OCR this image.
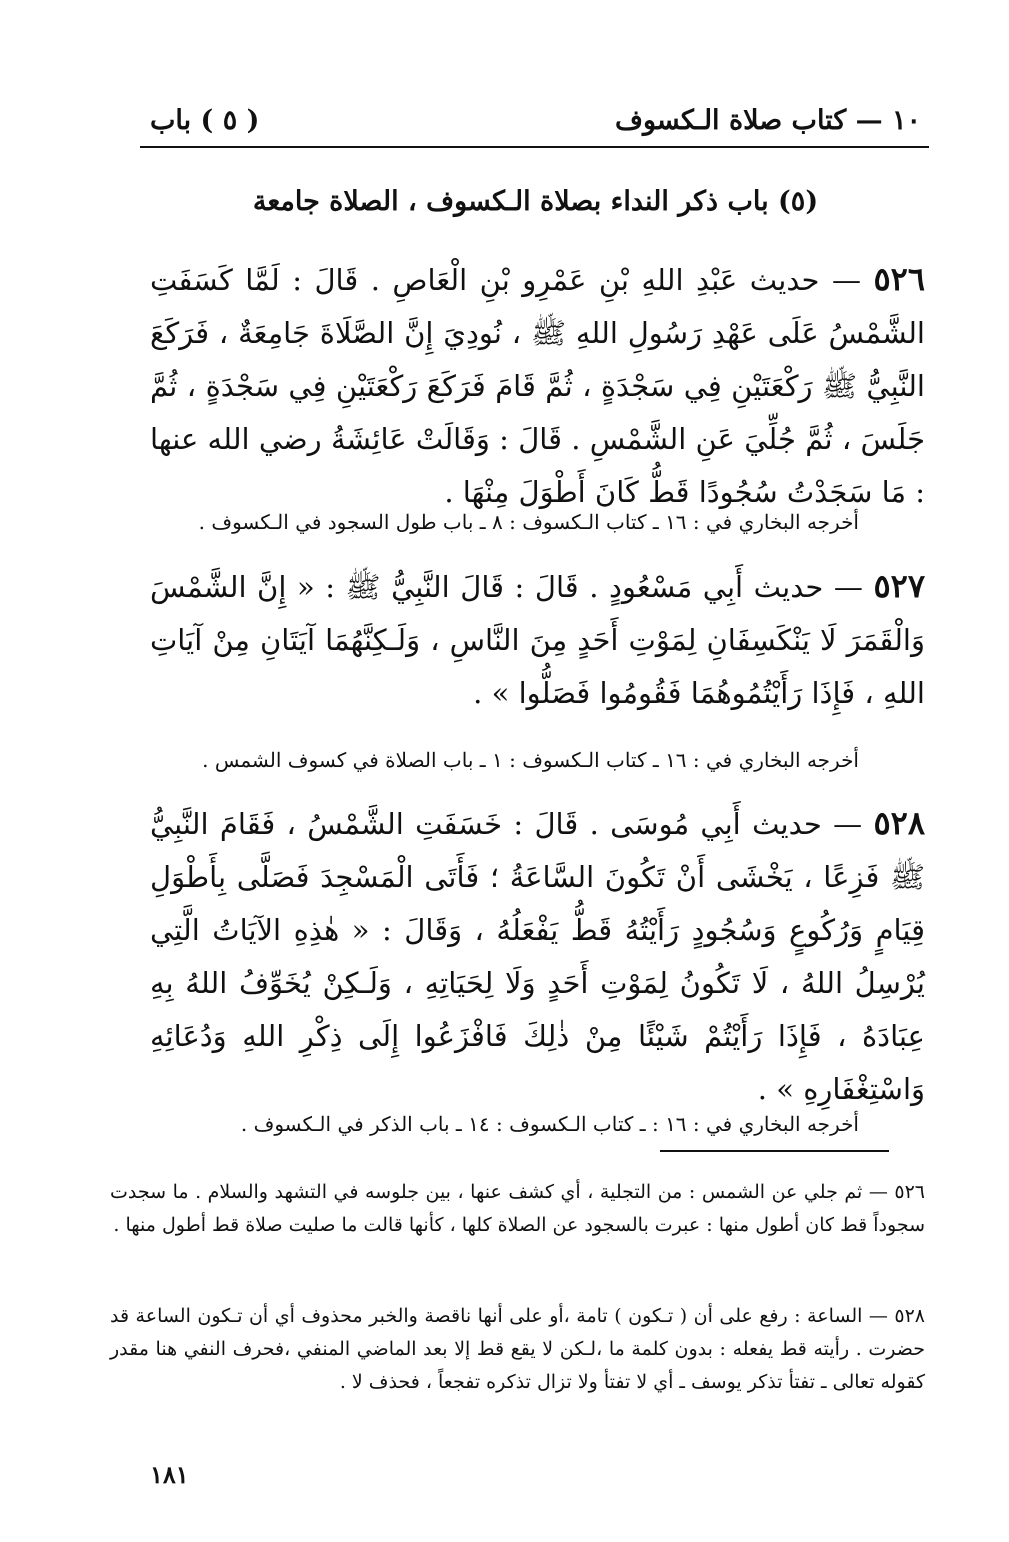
١٠ — كتاب صلاة الـكسوف
( ٥ ) باب
(٥) باب ذكر النداء بصلاة الـكسوف ، الصلاة جامعة
٥٢٦ — حديث عَبْدِ اللهِ بْنِ عَمْرِو بْنِ الْعَاصِ . قَالَ : لَمَّا كَسَفَتِ الشَّمْسُ عَلَى عَهْدِ رَسُولِ اللهِ ﷺ ، نُودِيَ إِنَّ الصَّلَاةَ جَامِعَةٌ ، فَرَكَعَ النَّبِيُّ ﷺ رَكْعَتَيْنِ فِي سَجْدَةٍ ، ثُمَّ قَامَ فَرَكَعَ رَكْعَتَيْنِ فِي سَجْدَةٍ ، ثُمَّ جَلَسَ ، ثُمَّ جُلِّيَ عَنِ الشَّمْسِ . قَالَ : وَقَالَتْ عَائِشَةُ رضي الله عنها : مَا سَجَدْتُ سُجُودًا قَطُّ كَانَ أَطْوَلَ مِنْهَا .
أخرجه البخاري في : ١٦ ـ كتاب الـكسوف : ٨ ـ باب طول السجود في الـكسوف .
٥٢٧ — حديث أَبِي مَسْعُودٍ . قَالَ : قَالَ النَّبِيُّ ﷺ : « إِنَّ الشَّمْسَ وَالْقَمَرَ لَا يَنْكَسِفَانِ لِمَوْتِ أَحَدٍ مِنَ النَّاسِ ، وَلَـكِنَّهُمَا آيَتَانِ مِنْ آيَاتِ اللهِ ، فَإِذَا رَأَيْتُمُوهُمَا فَقُومُوا فَصَلُّوا » .
أخرجه البخاري في : ١٦ ـ كتاب الـكسوف : ١ ـ باب الصلاة في كسوف الشمس .
٥٢٨ — حديث أَبِي مُوسَى . قَالَ : خَسَفَتِ الشَّمْسُ ، فَقَامَ النَّبِيُّ ﷺ فَزِعًا ، يَخْشَى أَنْ تَكُونَ السَّاعَةُ ؛ فَأَتَى الْمَسْجِدَ فَصَلَّى بِأَطْوَلِ قِيَامٍ وَرُكُوعٍ وَسُجُودٍ رَأَيْتُهُ قَطُّ يَفْعَلُهُ ، وَقَالَ : « هٰذِهِ الآيَاتُ الَّتِي يُرْسِلُ اللهُ ، لَا تَكُونُ لِمَوْتِ أَحَدٍ وَلَا لِحَيَاتِهِ ، وَلَـكِنْ يُخَوِّفُ اللهُ بِهِ عِبَادَهُ ، فَإِذَا رَأَيْتُمْ شَيْئًا مِنْ ذٰلِكَ فَافْزَعُوا إِلَى ذِكْرِ اللهِ وَدُعَائِهِ وَاسْتِغْفَارِهِ » .
أخرجه البخاري في : ١٦ : ـ كتاب الـكسوف : ١٤ ـ باب الذكر في الـكسوف .
٥٢٦ — ثم جلي عن الشمس : من التجلية ، أي كشف عنها ، بين جلوسه في التشهد والسلام . ما سجدت سجوداً قط كان أطول منها : عبرت بالسجود عن الصلاة كلها ، كأنها قالت ما صليت صلاة قط أطول منها .
٥٢٨ — الساعة : رفع على أن ( تـكون ) تامة ،أو على أنها ناقصة والخبر محذوف أي أن تـكون الساعة قد حضرت . رأيته قط يفعله : بدون كلمة ما ،لـكن لا يقع قط إلا بعد الماضي المنفي ،فحرف النفي هنا مقدر كقوله تعالى ـ تفتأ تذكر يوسف ـ أي لا تفتأ ولا تزال تذكره تفجعاً ، فحذف لا .
١٨١
